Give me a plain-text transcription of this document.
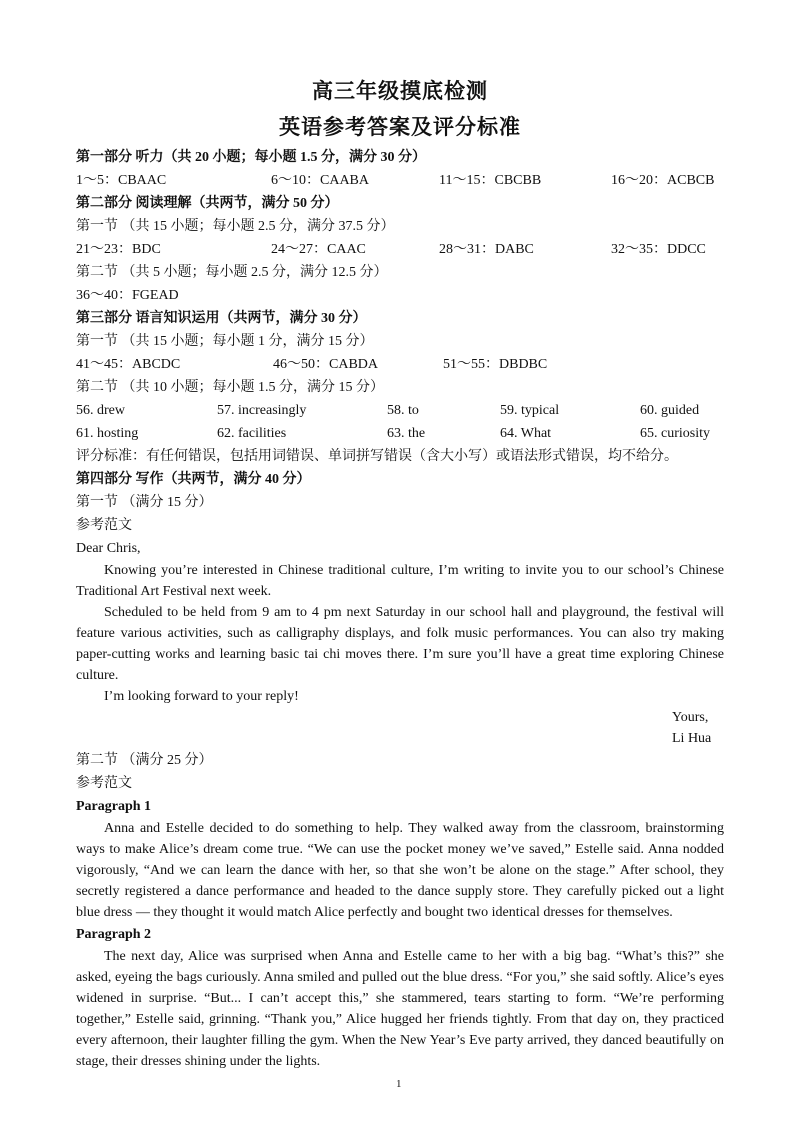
高三年级摸底检测
英语参考答案及评分标准
第一部分 听力（共 20 小题；每小题 1.5 分，满分 30 分）
1～5：CBAAC	6～10：CAABA	11～15：CBCBB	16～20：ACBCB
第二部分 阅读理解（共两节，满分 50 分）
第一节 （共 15 小题；每小题 2.5 分，满分 37.5 分）
21～23：BDC	24～27：CAAC	28～31：DABC	32～35：DDCC
第二节 （共 5 小题；每小题 2.5 分，满分 12.5 分）
36～40：FGEAD
第三部分 语言知识运用（共两节，满分 30 分）
第一节 （共 15 小题；每小题 1 分，满分 15 分）
41～45：ABCDC	46～50：CABDA	51～55：DBDBC
第二节 （共 10 小题；每小题 1.5 分，满分 15 分）
56. drew	57. increasingly	58. to	59. typical	60. guided
61. hosting	62. facilities	63. the	64. What	65. curiosity
评分标准：有任何错误，包括用词错误、单词拼写错误（含大小写）或语法形式错误，均不给分。
第四部分 写作（共两节，满分 40 分）
第一节 （满分 15 分）
参考范文
Dear Chris,
Knowing you’re interested in Chinese traditional culture, I’m writing to invite you to our school’s Chinese Traditional Art Festival next week.
Scheduled to be held from 9 am to 4 pm next Saturday in our school hall and playground, the festival will feature various activities, such as calligraphy displays, and folk music performances. You can also try making paper-cutting works and learning basic tai chi moves there. I’m sure you’ll have a great time exploring Chinese culture.
I’m looking forward to your reply!
Yours,
Li Hua
第二节 （满分 25 分）
参考范文
Paragraph 1
Anna and Estelle decided to do something to help. They walked away from the classroom, brainstorming ways to make Alice’s dream come true. “We can use the pocket money we’ve saved,” Estelle said. Anna nodded vigorously, “And we can learn the dance with her, so that she won’t be alone on the stage.” After school, they secretly registered a dance performance and headed to the dance supply store. They carefully picked out a light blue dress — they thought it would match Alice perfectly and bought two identical dresses for themselves.
Paragraph 2
The next day, Alice was surprised when Anna and Estelle came to her with a big bag. “What’s this?” she asked, eyeing the bags curiously. Anna smiled and pulled out the blue dress. “For you,” she said softly. Alice’s eyes widened in surprise. “But... I can’t accept this,” she stammered, tears starting to form. “We’re performing together,” Estelle said, grinning. “Thank you,” Alice hugged her friends tightly. From that day on, they practiced every afternoon, their laughter filling the gym. When the New Year’s Eve party arrived, they danced beautifully on stage, their dresses shining under the lights.
1
